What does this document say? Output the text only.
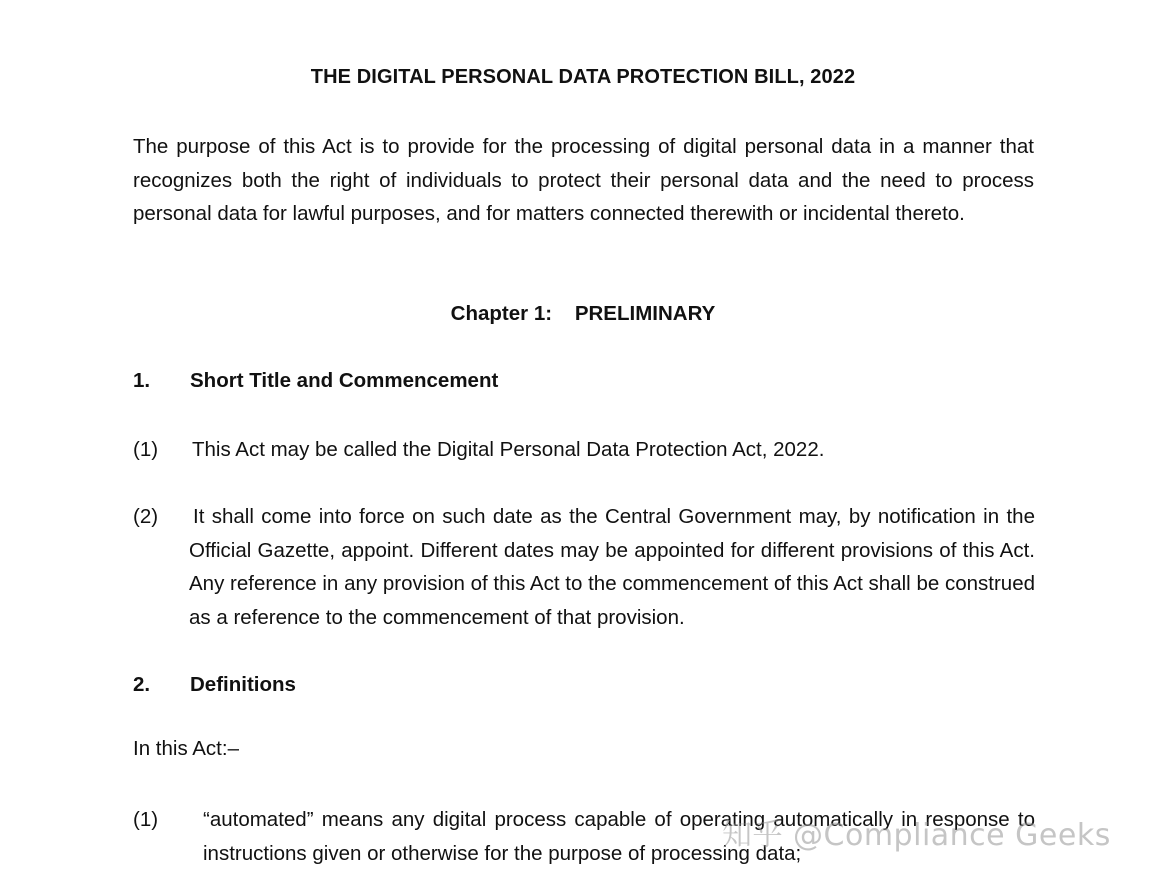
THE DIGITAL PERSONAL DATA PROTECTION BILL, 2022
The purpose of this Act is to provide for the processing of digital personal data in a manner that recognizes both the right of individuals to protect their personal data and the need to process personal data for lawful purposes, and for matters connected therewith or incidental thereto.
Chapter 1:    PRELIMINARY
1. Short Title and Commencement
(1) This Act may be called the Digital Personal Data Protection Act, 2022.
(2) It shall come into force on such date as the Central Government may, by notification in the Official Gazette, appoint. Different dates may be appointed for different provisions of this Act. Any reference in any provision of this Act to the commencement of this Act shall be construed as a reference to the commencement of that provision.
2. Definitions
In this Act:–
(1) “automated” means any digital process capable of operating automatically in response to instructions given or otherwise for the purpose of processing data;
知乎 @Compliance Geeks
